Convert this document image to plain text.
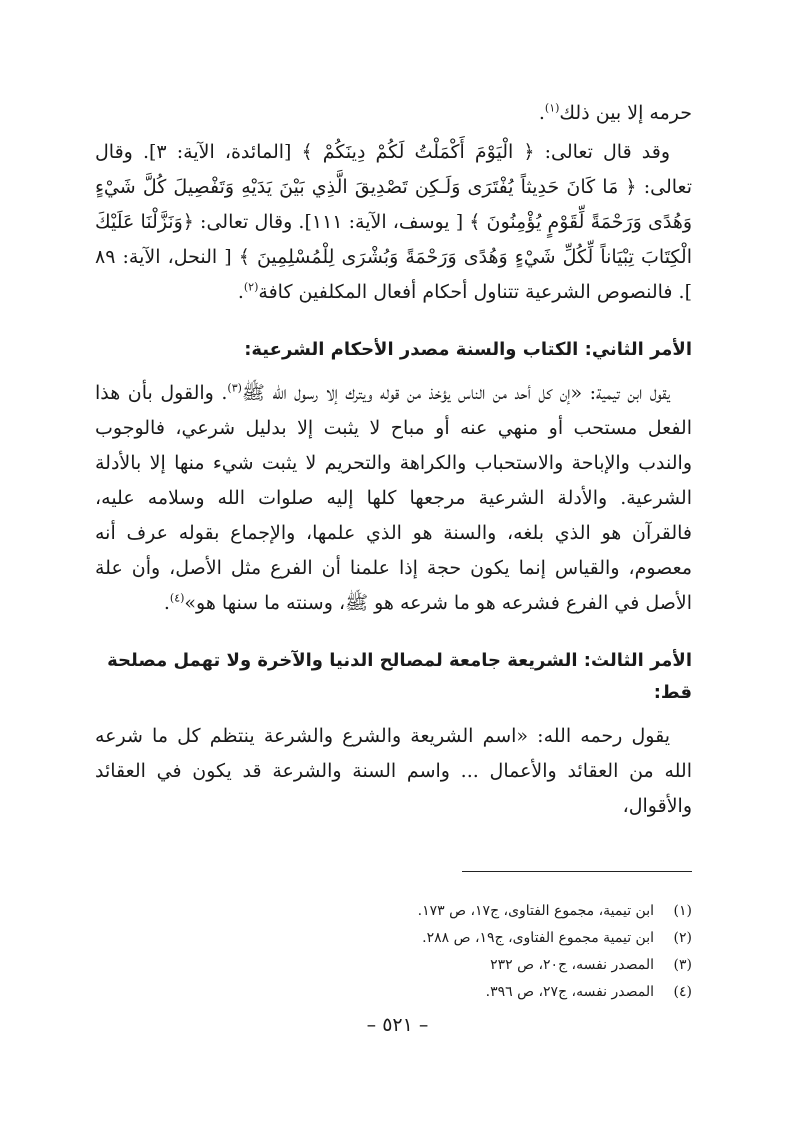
حرمه إلا بين ذلك$^{(١)}$.

وقد قال تعالى: ﴿ الْيَوْمَ أَكْمَلْتُ لَكُمْ دِينَكُمْ ﴾ [المائدة، الآية: ٣]. وقال تعالى: ﴿ مَا كَانَ حَدِيثاً يُفْتَرَى وَلَـكِن تَصْدِيقَ الَّذِي بَيْنَ يَدَيْهِ وَتَفْصِيلَ كُلَّ شَيْءٍ وَهُدًى وَرَحْمَةً لِّقَوْمٍ يُؤْمِنُونَ ﴾ [ يوسف، الآية: ١١١]. وقال تعالى: ﴿وَنَزَّلْنَا عَلَيْكَ الْكِتَابَ تِبْيَاناً لِّكُلِّ شَيْءٍ وَهُدًى وَرَحْمَةً وَبُشْرَى لِلْمُسْلِمِينَ ﴾ [ النحل، الآية: ٨٩ ]. فالنصوص الشرعية تتناول أحكام أفعال المكلفين كافة$^{(٢)}$.

الأمر الثاني: الكتاب والسنة مصدر الأحكام الشرعية:

يقول ابن تيمية: «إن كل أحد من الناس يؤخذ من قوله ويترك إلا رسول الله ﷺ$^{(٣)}$. والقول بأن هذا الفعل مستحب أو منهي عنه أو مباح لا يثبت إلا بدليل شرعي، فالوجوب والندب والإباحة والاستحباب والكراهة والتحريم لا يثبت شيء منها إلا بالأدلة الشرعية. والأدلة الشرعية مرجعها كلها إليه صلوات الله وسلامه عليه، فالقرآن هو الذي بلغه، والسنة هو الذي علمها، والإجماع بقوله عرف أنه معصوم، والقياس إنما يكون حجة إذا علمنا أن الفرع مثل الأصل، وأن علة الأصل في الفرع فشرعه هو ما شرعه هو ﷺ، وسنته ما سنها هو»$^{(٤)}$.

الأمر الثالث: الشريعة جامعة لمصالح الدنيا والآخرة ولا تهمل مصلحة قط:

يقول رحمه الله: «اسم الشريعة والشرع والشرعة ينتظم كل ما شرعه الله من العقائد والأعمال ... واسم السنة والشرعة قد يكون في العقائد والأقوال،

(١)
ابن تيمية، مجموع الفتاوى، ج١٧، ص ١٧٣.
(٢)
ابن تيمية مجموع الفتاوى، ج١٩، ص ٢٨٨.
(٣)
المصدر نفسه، ج٢٠، ص ٢٣٢
(٤)
المصدر نفسه، ج٢٧، ص ٣٩٦.
– ٥٢١ –
